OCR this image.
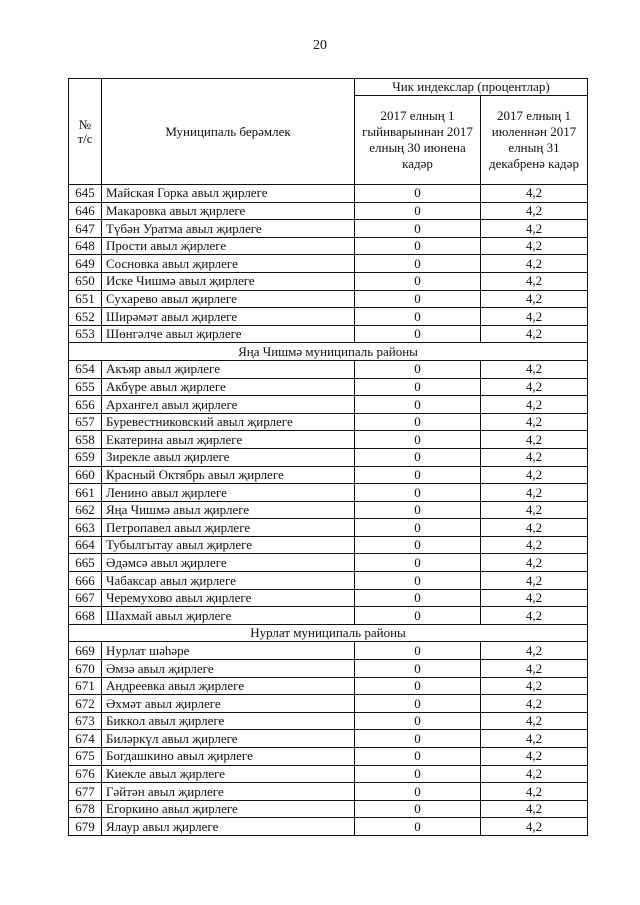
20
№ т/с	Муниципаль берәмлек	Чик индекслар (процентлар)	
		2017 елның 1 гыйнварыннан 2017 елның 30 июнена кадәр	2017 елның 1 июленнән 2017 елның 31 декабренә кадәр
645	Майская Горка авыл җирлеге	0	4,2
646	Макаровка авыл җирлеге	0	4,2
647	Түбән Уратма авыл җирлеге	0	4,2
648	Прости авыл җирлеге	0	4,2
649	Сосновка авыл җирлеге	0	4,2
650	Иске Чишмә авыл җирлеге	0	4,2
651	Сухарево авыл җирлеге	0	4,2
652	Ширәмәт авыл җирлеге	0	4,2
653	Шөнгәлче авыл җирлеге	0	4,2
Яңа Чишмә муниципаль районы			
654	Акъяр авыл җирлеге	0	4,2
655	Акбүре авыл җирлеге	0	4,2
656	Архангел авыл җирлеге	0	4,2
657	Буревестниковский авыл җирлеге	0	4,2
658	Екатерина авыл җирлеге	0	4,2
659	Зирекле авыл җирлеге	0	4,2
660	Красный Октябрь авыл җирлеге	0	4,2
661	Ленино авыл җирлеге	0	4,2
662	Яңа Чишмә авыл җирлеге	0	4,2
663	Петропавел авыл җирлеге	0	4,2
664	Тубылгытау авыл җирлеге	0	4,2
665	Әдәмсә авыл җирлеге	0	4,2
666	Чабаксар авыл җирлеге	0	4,2
667	Черемухово авыл җирлеге	0	4,2
668	Шахмай авыл җирлеге	0	4,2
Нурлат муниципаль районы			
669	Нурлат шәһәре	0	4,2
670	Әмзә авыл җирлеге	0	4,2
671	Андреевка авыл җирлеге	0	4,2
672	Әхмәт авыл җирлеге	0	4,2
673	Биккол авыл җирлеге	0	4,2
674	Биләркүл авыл җирлеге	0	4,2
675	Богдашкино авыл җирлеге	0	4,2
676	Киекле авыл җирлеге	0	4,2
677	Гәйтән авыл җирлеге	0	4,2
678	Егоркино авыл җирлеге	0	4,2
679	Ялаур авыл җирлеге	0	4,2
